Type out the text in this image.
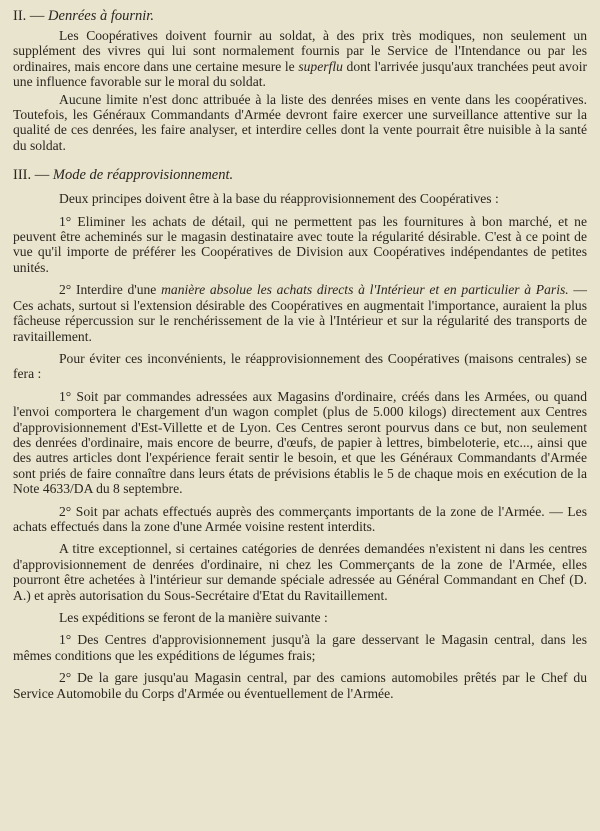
II. — Denrées à fournir.

Les Coopératives doivent fournir au soldat, à des prix très modiques, non seulement un supplément des vivres qui lui sont normalement fournis par le Service de l'Intendance ou par les ordinaires, mais encore dans une certaine mesure le superflu dont l'arrivée jusqu'aux tranchées peut avoir une influence favorable sur le moral du soldat.

Aucune limite n'est donc attribuée à la liste des denrées mises en vente dans les coopératives. Toutefois, les Généraux Commandants d'Armée devront faire exercer une surveillance attentive sur la qualité de ces denrées, les faire analyser, et interdire celles dont la vente pourrait être nuisible à la santé du soldat.

III. — Mode de réapprovisionnement.

Deux principes doivent être à la base du réapprovisionnement des Coopératives :

1° Eliminer les achats de détail, qui ne permettent pas les fournitures à bon marché, et ne peuvent être acheminés sur le magasin destinataire avec toute la régularité désirable. C'est à ce point de vue qu'il importe de préférer les Coopératives de Division aux Coopératives indépendantes de petites unités.

2° Interdire d'une manière absolue les achats directs à l'Intérieur et en particulier à Paris. — Ces achats, surtout si l'extension désirable des Coopératives en augmentait l'importance, auraient la plus fâcheuse répercussion sur le renchérissement de la vie à l'Intérieur et sur la régularité des transports de ravitaillement.

Pour éviter ces inconvénients, le réapprovisionnement des Coopératives (maisons centrales) se fera :

1° Soit par commandes adressées aux Magasins d'ordinaire, créés dans les Armées, ou quand l'envoi comportera le chargement d'un wagon complet (plus de 5.000 kilogs) directement aux Centres d'approvisionnement d'Est-Villette et de Lyon. Ces Centres seront pourvus dans ce but, non seulement des denrées d'ordinaire, mais encore de beurre, d'œufs, de papier à lettres, bimbeloterie, etc..., ainsi que des autres articles dont l'expérience ferait sentir le besoin, et que les Généraux Commandants d'Armée sont priés de faire connaître dans leurs états de prévisions établis le 5 de chaque mois en exécution de la Note 4633/DA du 8 septembre.

2° Soit par achats effectués auprès des commerçants importants de la zone de l'Armée. — Les achats effectués dans la zone d'une Armée voisine restent interdits.

A titre exceptionnel, si certaines catégories de denrées demandées n'existent ni dans les centres d'approvisionnement de denrées d'ordinaire, ni chez les Commerçants de la zone de l'Armée, elles pourront être achetées à l'intérieur sur demande spéciale adressée au Général Commandant en Chef (D. A.) et après autorisation du Sous-Secrétaire d'Etat du Ravitaillement.

Les expéditions se feront de la manière suivante :

1° Des Centres d'approvisionnement jusqu'à la gare desservant le Magasin central, dans les mêmes conditions que les expéditions de légumes frais;

2° De la gare jusqu'au Magasin central, par des camions automobiles prêtés par le Chef du Service Automobile du Corps d'Armée ou éventuellement de l'Armée.
